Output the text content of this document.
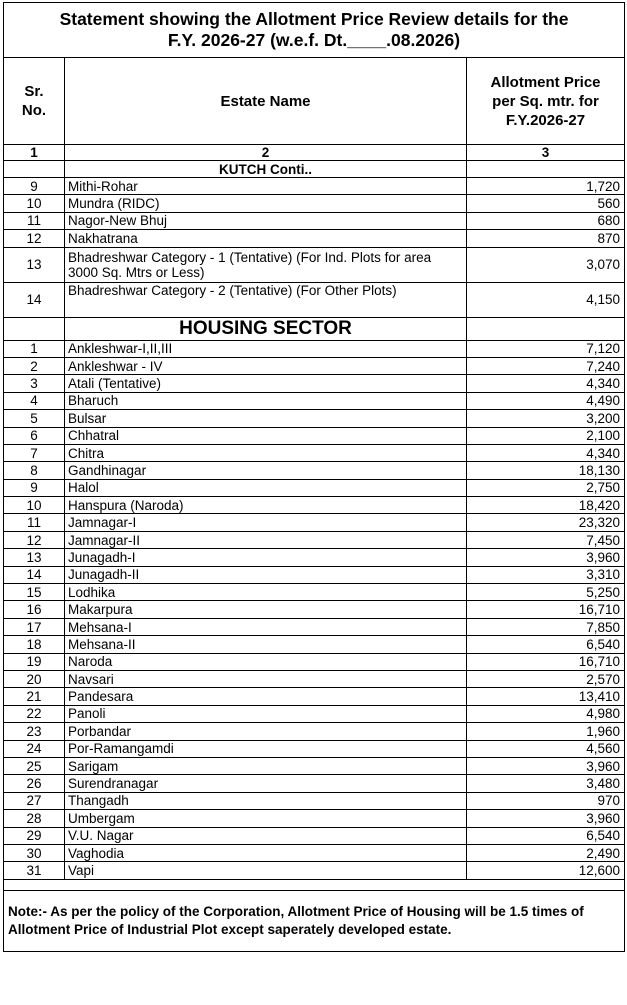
Statement showing the Allotment Price Review details for the
F.Y. 2026-27 (w.e.f. Dt.____.08.2026)		

Sr. No.	Estate Name	Allotment Price per Sq. mtr. for F.Y.2026-27
1	2	3
	KUTCH Conti..	
9	Mithi-Rohar	1,720
10	Mundra (RIDC)	560
11	Nagor-New Bhuj	680
12	Nakhatrana	870
13	Bhadreshwar Category - 1 (Tentative) (For Ind. Plots for area 3000 Sq. Mtrs or Less)	3,070
14	Bhadreshwar Category - 2 (Tentative) (For Other Plots)	4,150
	HOUSING SECTOR	
1	Ankleshwar-I,II,III	7,120
2	Ankleshwar - IV	7,240
3	Atali (Tentative)	4,340
4	Bharuch	4,490
5	Bulsar	3,200
6	Chhatral	2,100
7	Chitra	4,340
8	Gandhinagar	18,130
9	Halol	2,750
10	Hanspura (Naroda)	18,420
11	Jamnagar-I	23,320
12	Jamnagar-II	7,450
13	Junagadh-I	3,960
14	Junagadh-II	3,310
15	Lodhika	5,250
16	Makarpura	16,710
17	Mehsana-I	7,850
18	Mehsana-II	6,540
19	Naroda	16,710
20	Navsari	2,570
21	Pandesara	13,410
22	Panoli	4,980
23	Porbandar	1,960
24	Por-Ramangamdi	4,560
25	Sarigam	3,960
26	Surendranagar	3,480
27	Thangadh	970
28	Umbergam	3,960
29	V.U. Nagar	6,540
30	Vaghodia	2,490
31	Vapi	12,600

Note:- As per the policy of the Corporation, Allotment Price of Housing will be 1.5 times of Allotment Price of Industrial Plot except saperately developed estate.		
